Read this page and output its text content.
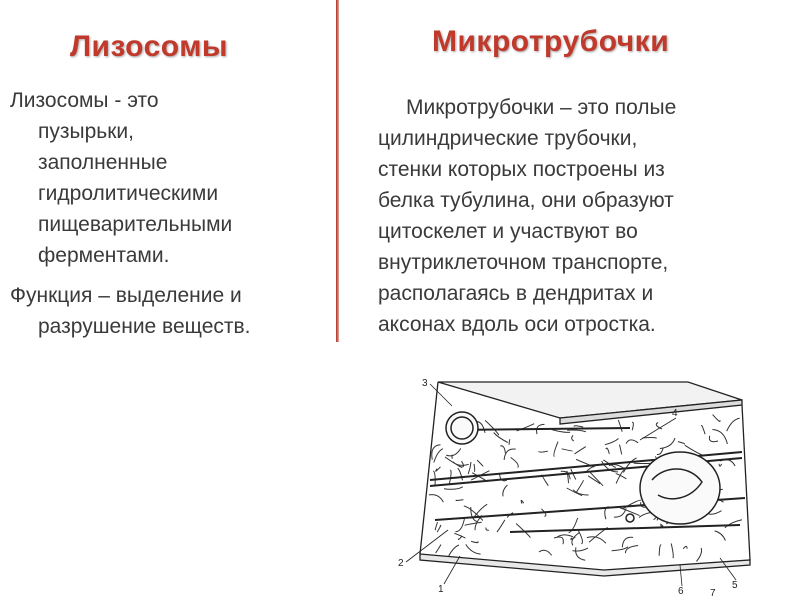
Лизосомы	Микротрубочки

Лизосомы - это
пузырьки,
заполненные
гидролитическими
пищеварительными
ферментами.

Функция – выделение и
разрушение веществ.

Микротрубочки – это полые
цилиндрические трубочки,
стенки которых построены из
белка тубулина, они образуют
цитоскелет и участвуют во
внутриклеточном транспорте,
располагаясь в дендритах и
аксонах вдоль оси отростка.

3
4
2
1	6	7
5
